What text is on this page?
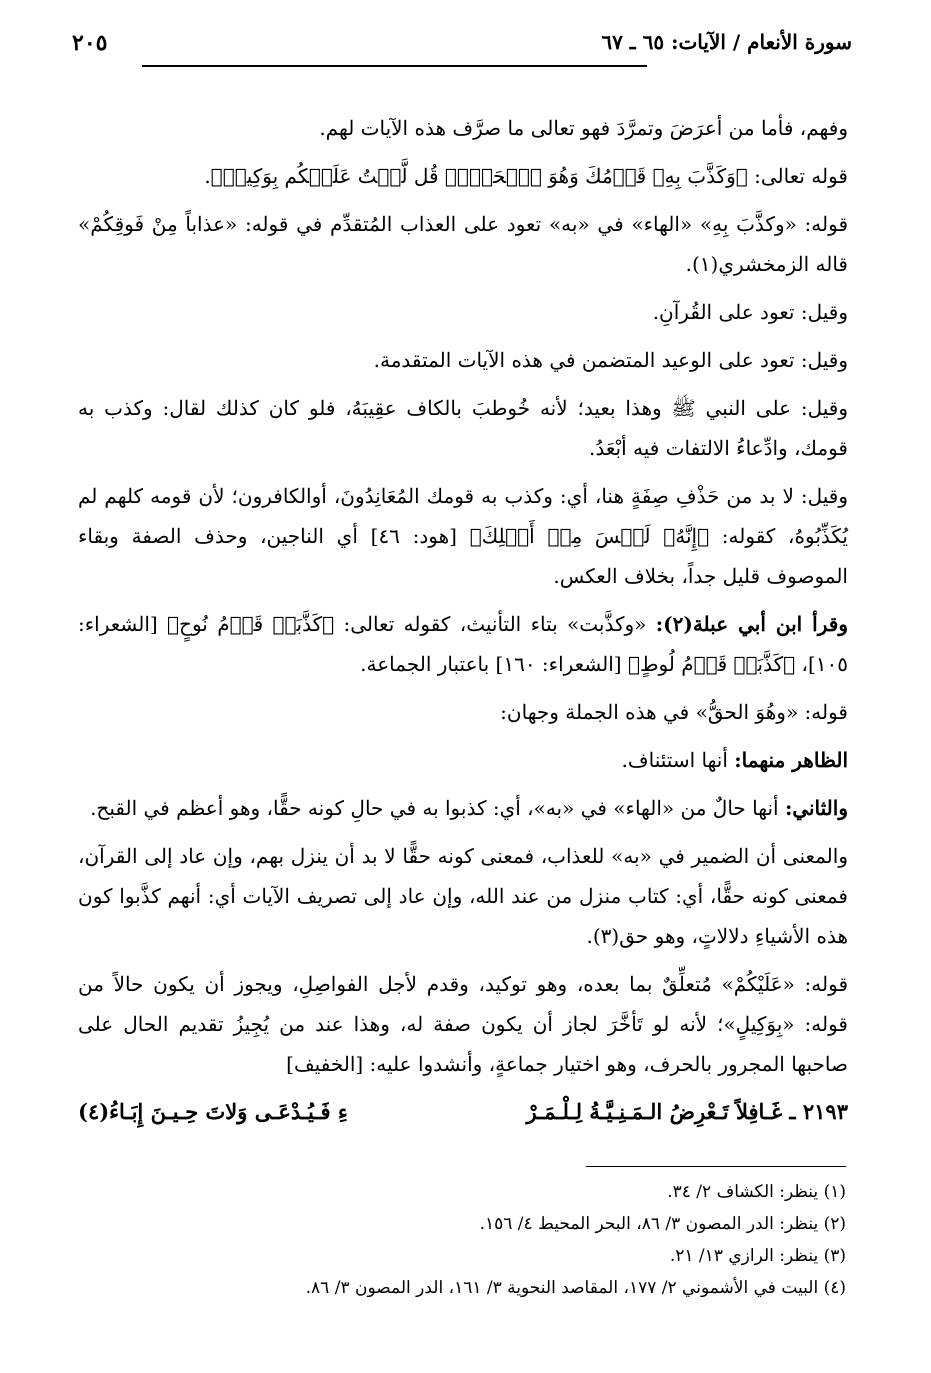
سورة الأنعام / الآيات: ٦٥ ـ ٦٧
٢٠٥

وفهم، فأما من أعرَضَ وتمرَّدَ فهو تعالى ما صرَّف هذه الآيات لهم.

قوله تعالى: ﴿وَكَذَّبَ بِهِۦ قَوۡمُكَ وَهُوَ ٱلۡحَقُّۚ قُل لَّسۡتُ عَلَيۡكُم بِوَكِيلٖ﴾.

قوله: «وكذَّبَ بِهِ» «الهاء» في «به» تعود على العذاب المُتقدِّم في قوله: «عذاباً مِنْ فَوقِكُمْ» قاله الزمخشري(١).

وقيل: تعود على القُرآنِ.

وقيل: تعود على الوعيد المتضمن في هذه الآيات المتقدمة.

وقيل: على النبي ﷺ وهذا بعيد؛ لأنه خُوطبَ بالكاف عقِيبَهُ، فلو كان كذلك لقال: وكذب به قومك، وادِّعاءُ الالتفات فيه أبْعَدُ.

وقيل: لا بد من حَذْفِ صِفَةٍ هنا، أي: وكذب به قومك المُعَانِدُونَ، أوالكافرون؛ لأن قومه كلهم لم يُكَذِّبُوهُ، كقوله: ﴿إِنَّهُۥ لَيۡسَ مِنۡ أَهۡلِكَ﴾ [هود: ٤٦] أي الناجين، وحذف الصفة وبقاء الموصوف قليل جداً، بخلاف العكس.

وقرأ ابن أبي عبلة(٢): «وكذَّبت» بتاء التأنيث، كقوله تعالى: ﴿كَذَّبَتۡ قَوۡمُ نُوحٍ﴾ [الشعراء: ١٠٥]، ﴿كَذَّبَتۡ قَوۡمُ لُوطٍ﴾ [الشعراء: ١٦٠] باعتبار الجماعة.

قوله: «وهُوَ الحقُّ» في هذه الجملة وجهان:

الظاهر منهما: أنها استئناف.

والثاني: أنها حالٌ من «الهاء» في «به»، أي: كذبوا به في حالِ كونه حقًّا، وهو أعظم في القبح.

والمعنى أن الضمير في «به» للعذاب، فمعنى كونه حقًّا لا بد أن ينزل بهم، وإن عاد إلى القرآن، فمعنى كونه حقًّا، أي: كتاب منزل من عند الله، وإن عاد إلى تصريف الآيات أي: أنهم كذَّبوا كون هذه الأشياءِ دلالاتٍ، وهو حق(٣).

قوله: «عَلَيْكُمْ» مُتعلِّقٌ بما بعده، وهو توكيد، وقدم لأجل الفواصِلِ، ويجوز أن يكون حالاً من قوله: «بِوَكِيلٍ»؛ لأنه لو تَأخَّرَ لجاز أن يكون صفة له، وهذا عند من يُجِيزُ تقديم الحال على صاحبها المجرور بالحرف، وهو اختيار جماعةٍ، وأنشدوا عليه: [الخفيف]

٢١٩٣ ـ غَـافِلاً تَـعْرِضُ الـمَـنِـيَّـةُ لِـلْـمَـرْ
ءِ فَـيُـدْعَـى وَلاتَ حِـيـنَ إِبَـاءُ(٤)

(١) ينظر: الكشاف ٢/ ٣٤.

(٢) ينظر: الدر المصون ٣/ ٨٦، البحر المحيط ٤/ ١٥٦.

(٣) ينظر: الرازي ١٣/ ٢١.

(٤) البيت في الأشموني ٢/ ١٧٧، المقاصد النحوية ٣/ ١٦١، الدر المصون ٣/ ٨٦.
